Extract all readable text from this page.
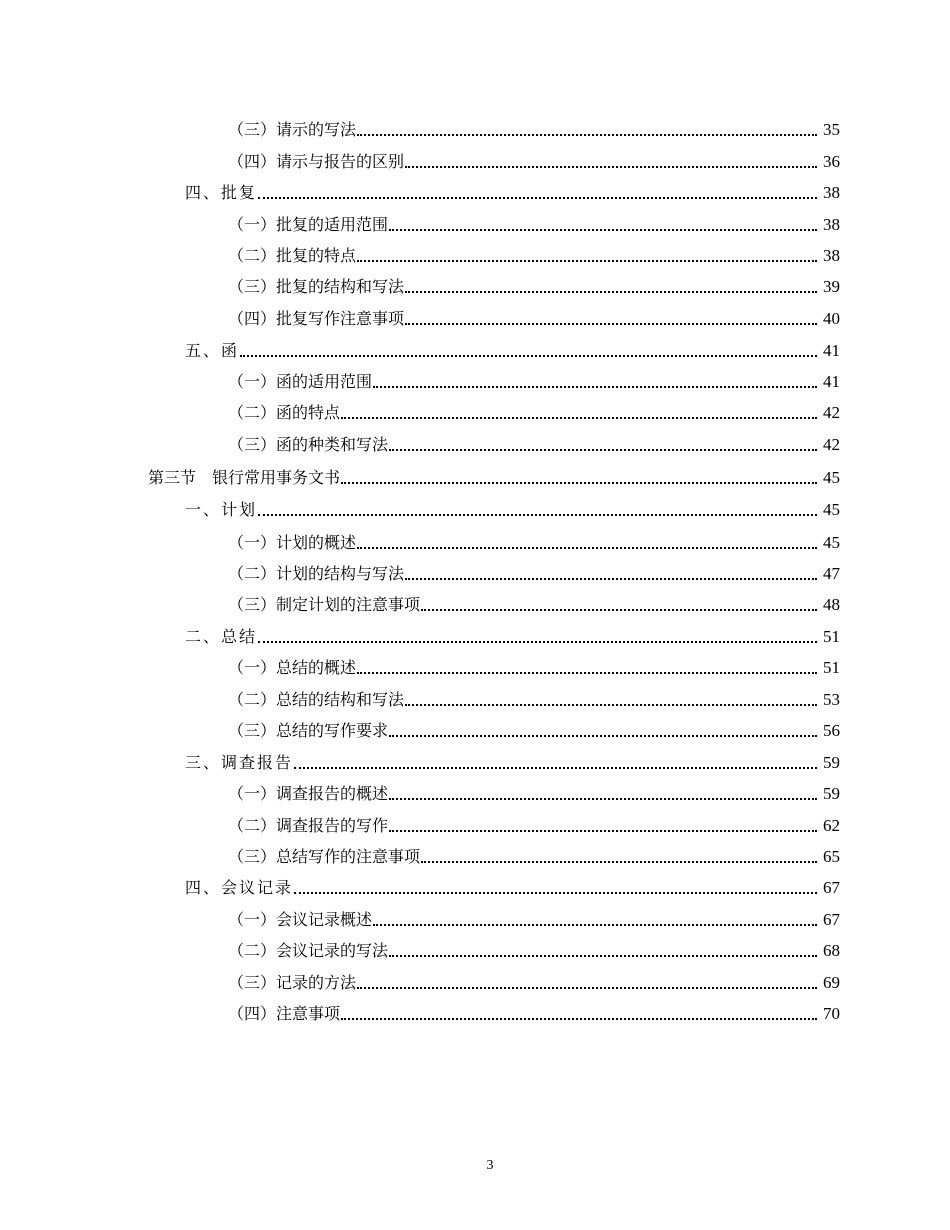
（三）请示的写法	35
（四）请示与报告的区别	36
四、批复	38
（一）批复的适用范围	38
（二）批复的特点	38
（三）批复的结构和写法	39
（四）批复写作注意事项	40
五、函	41
（一）函的适用范围	41
（二）函的特点	42
（三）函的种类和写法	42
第三节　银行常用事务文书	45
一、计划	45
（一）计划的概述	45
（二）计划的结构与写法	47
（三）制定计划的注意事项	48
二、总结	51
（一）总结的概述	51
（二）总结的结构和写法	53
（三）总结的写作要求	56
三、调查报告	59
（一）调查报告的概述	59
（二）调查报告的写作	62
（三）总结写作的注意事项	65
四、会议记录	67
（一）会议记录概述	67
（二）会议记录的写法	68
（三）记录的方法	69
（四）注意事项	70
3
